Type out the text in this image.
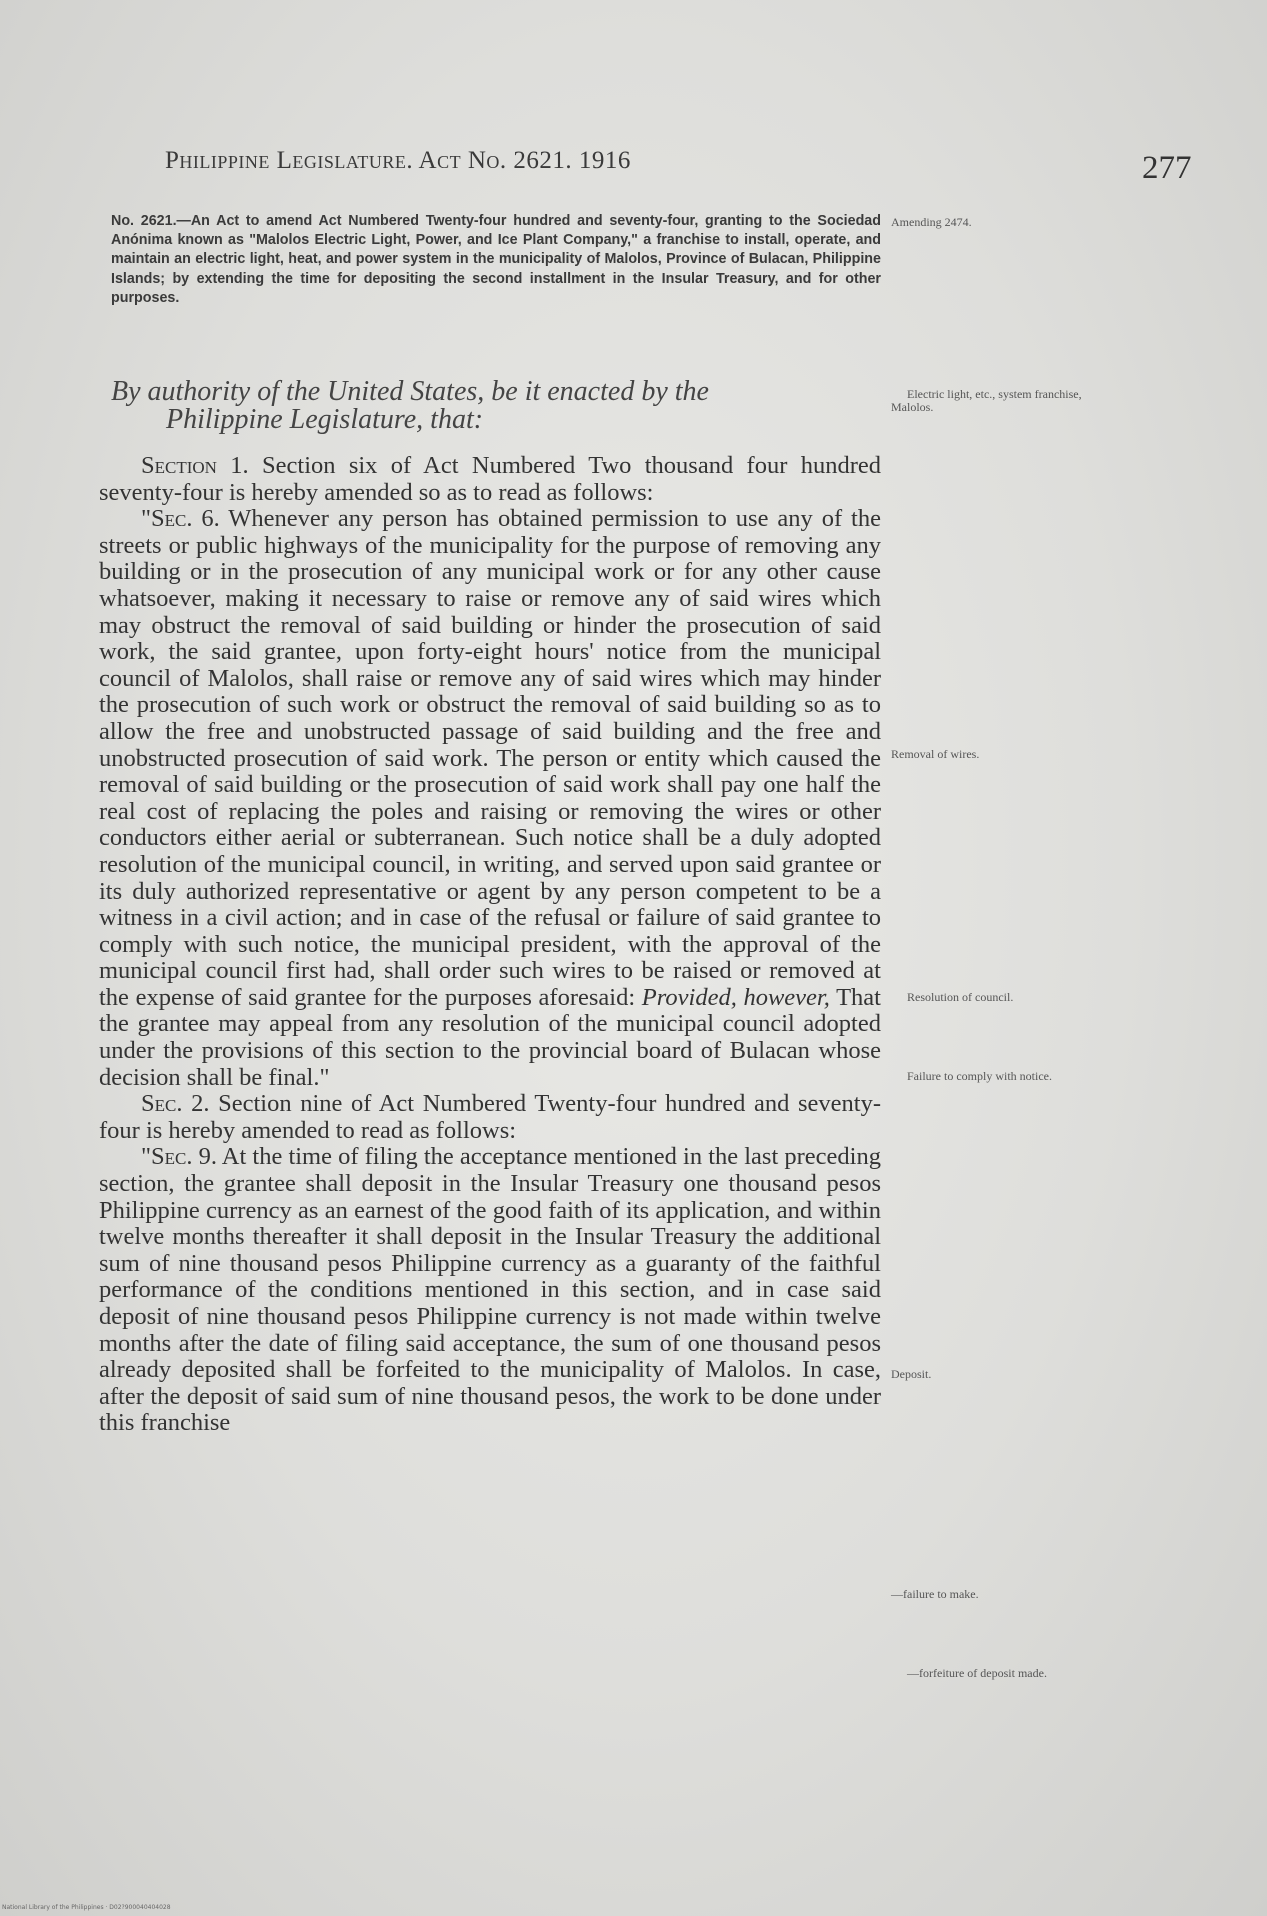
Philippine Legislature. Act No. 2621. 1916	277
No. 2621.—An Act to amend Act Numbered Twenty-four hundred and seventy-four, granting to the Sociedad Anónima known as "Malolos Electric Light, Power, and Ice Plant Company," a franchise to install, operate, and maintain an electric light, heat, and power system in the municipality of Malolos, Province of Bulacan, Philippine Islands; by extending the time for depositing the second installment in the Insular Treasury, and for other purposes.
By authority of the United States, be it enacted by the
Philippine Legislature, that:

Section 1. Section six of Act Numbered Two thousand four hundred seventy-four is hereby amended so as to read as follows:

"Sec. 6. Whenever any person has obtained permission to use any of the streets or public highways of the municipality for the purpose of removing any building or in the prosecution of any municipal work or for any other cause whatsoever, making it necessary to raise or remove any of said wires which may obstruct the removal of said building or hinder the prosecution of said work, the said grantee, upon forty-eight hours' notice from the municipal council of Malolos, shall raise or remove any of said wires which may hinder the prosecution of such work or obstruct the removal of said building so as to allow the free and unobstructed passage of said building and the free and unobstructed prosecution of said work. The person or entity which caused the removal of said building or the prosecution of said work shall pay one half the real cost of replacing the poles and raising or removing the wires or other conductors either aerial or subterranean. Such notice shall be a duly adopted resolution of the municipal council, in writing, and served upon said grantee or its duly authorized representative or agent by any person competent to be a witness in a civil action; and in case of the refusal or failure of said grantee to comply with such notice, the municipal president, with the approval of the municipal council first had, shall order such wires to be raised or removed at the expense of said grantee for the purposes aforesaid: Provided, however, That the grantee may appeal from any resolution of the municipal council adopted under the provisions of this section to the provincial board of Bulacan whose decision shall be final."

Sec. 2. Section nine of Act Numbered Twenty-four hundred and seventy-four is hereby amended to read as follows:

"Sec. 9. At the time of filing the acceptance mentioned in the last preceding section, the grantee shall deposit in the Insular Treasury one thousand pesos Philippine currency as an earnest of the good faith of its application, and within twelve months thereafter it shall deposit in the Insular Treasury the additional sum of nine thousand pesos Philippine currency as a guaranty of the faithful performance of the conditions mentioned in this section, and in case said deposit of nine thousand pesos Philippine currency is not made within twelve months after the date of filing said acceptance, the sum of one thousand pesos already deposited shall be forfeited to the municipality of Malolos. In case, after the deposit of said sum of nine thousand pesos, the work to be done under this franchise

Amending 2474.
Electric light, etc., system franchise, Malolos.
Removal of wires.
Resolution of council.
Failure to comply with notice.
Deposit.
—failure to make.
—forfeiture of deposit made.
National Library of the Philippines · D02?900040404028
